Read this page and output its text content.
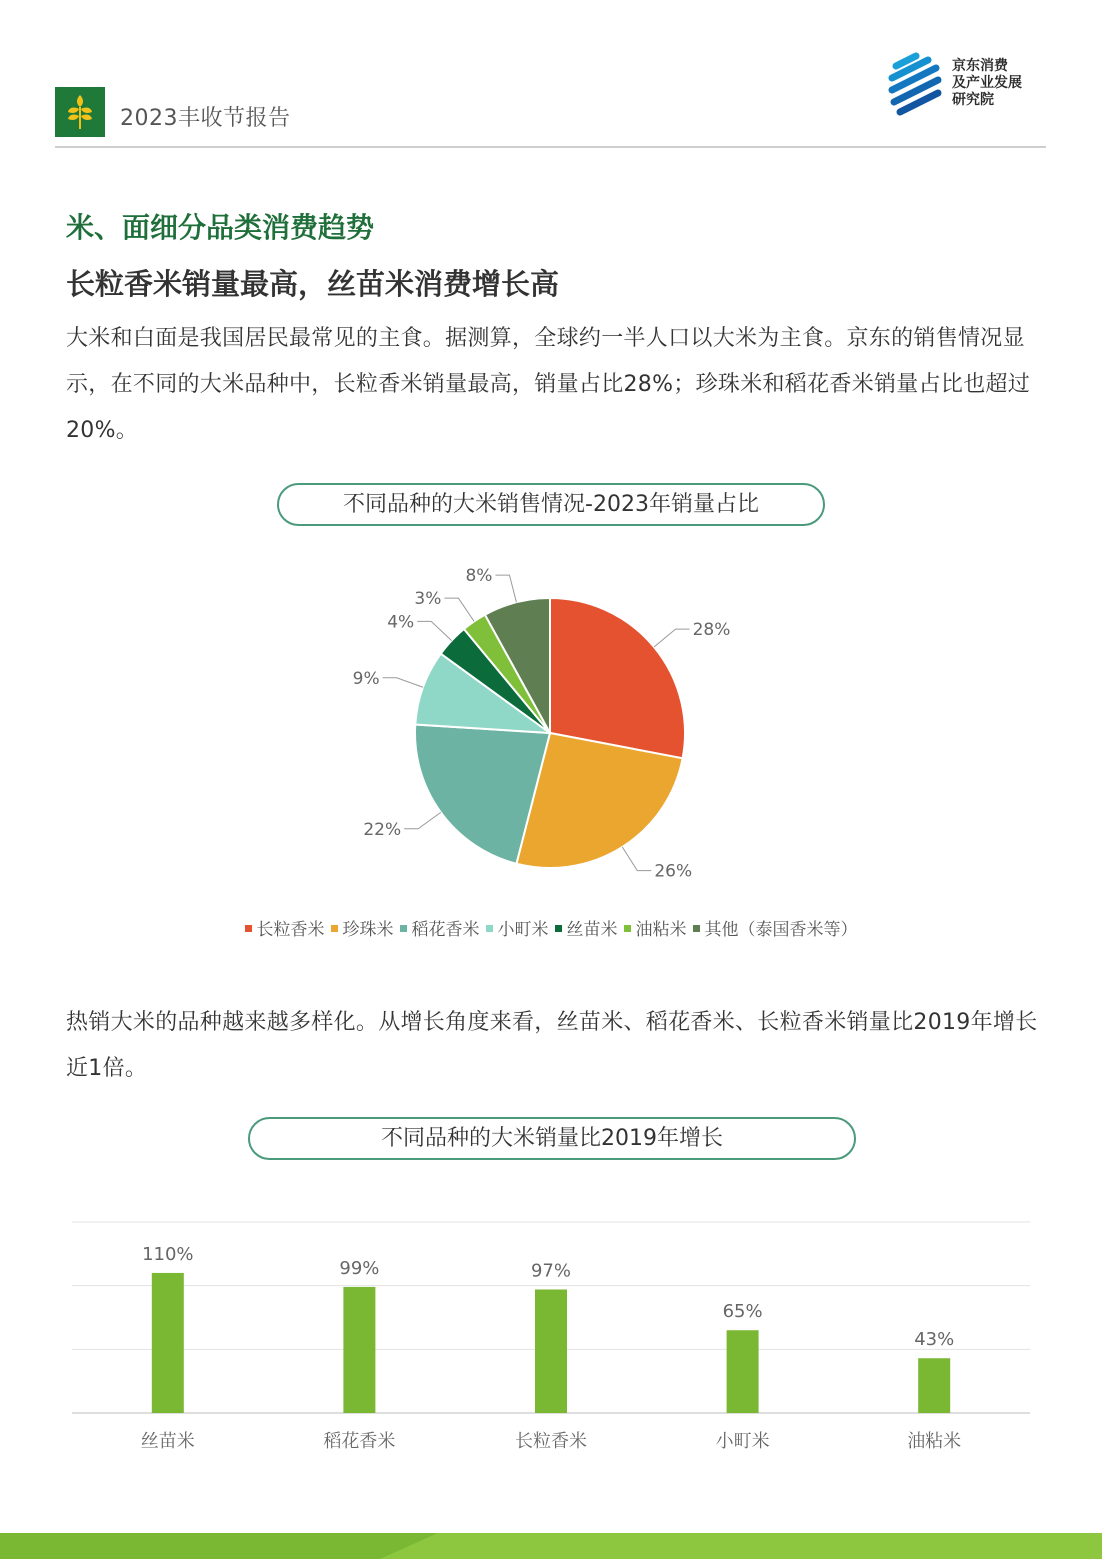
2023丰收节报告
京东消费
及产业发展
研究院
米、面细分品类消费趋势
长粒香米销量最高，丝苗米消费增长高
大米和白面是我国居民最常见的主食。据测算，全球约一半人口以大米为主食。京东的销售情况显示，在不同的大米品种中，长粒香米销量最高，销量占比28%；珍珠米和稻花香米销量占比也超过20%。
不同品种的大米销售情况-2023年销量占比
28%
26%
22%
9%
4%
3%
8%
长粒香米 珍珠米 稻花香米 小町米 丝苗米 油粘米 其他（泰国香米等）
热销大米的品种越来越多样化。从增长角度来看，丝苗米、稻花香米、长粒香米销量比2019年增长近1倍。
不同品种的大米销量比2019年增长
110%
丝苗米
99%
稻花香米
97%
长粒香米
65%
小町米
43%
油粘米
